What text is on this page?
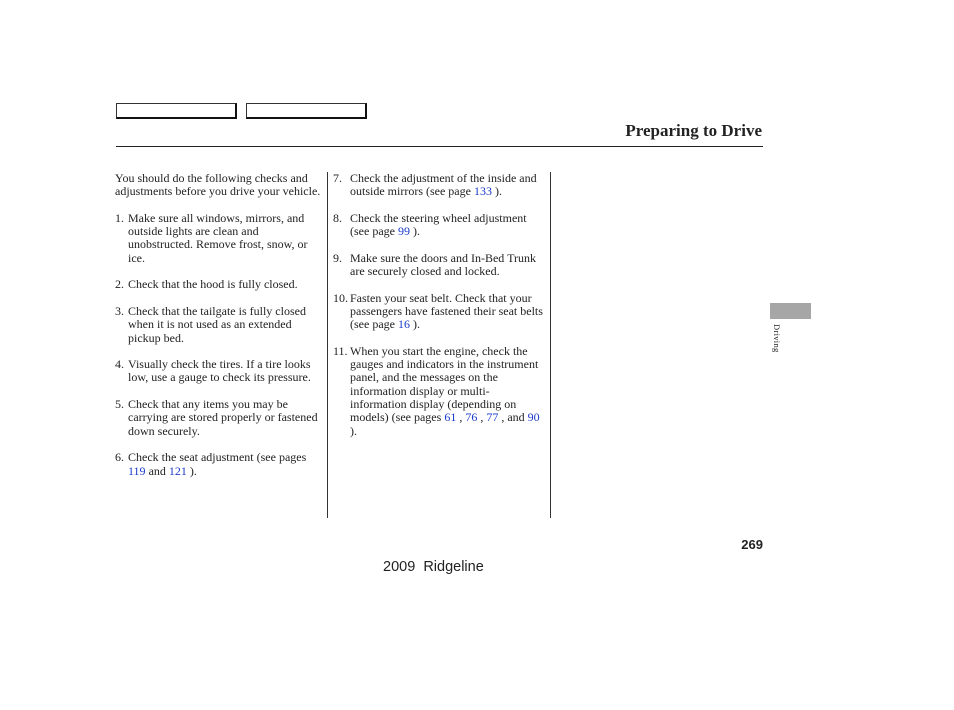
Preparing to Drive

You should do the following checks and adjustments before you drive your vehicle.

1. Make sure all windows, mirrors, and outside lights are clean and unobstructed. Remove frost, snow, or ice.
2. Check that the hood is fully closed.
3. Check that the tailgate is fully closed when it is not used as an extended pickup bed.
4. Visually check the tires. If a tire looks low, use a gauge to check its pressure.
5. Check that any items you may be carrying are stored properly or fastened down securely.
6. Check the seat adjustment (see pages 119 and 121 ).
7. Check the adjustment of the inside and outside mirrors (see page 133 ).
8. Check the steering wheel adjustment (see page 99 ).
9. Make sure the doors and In-Bed Trunk are securely closed and locked.
10. Fasten your seat belt. Check that your passengers have fastened their seat belts (see page 16 ).
11. When you start the engine, check the gauges and indicators in the instrument panel, and the messages on the information display or multi-information display (depending on models) (see pages 61 , 76 , 77 , and 90 ).
Driving
269
2009  Ridgeline
